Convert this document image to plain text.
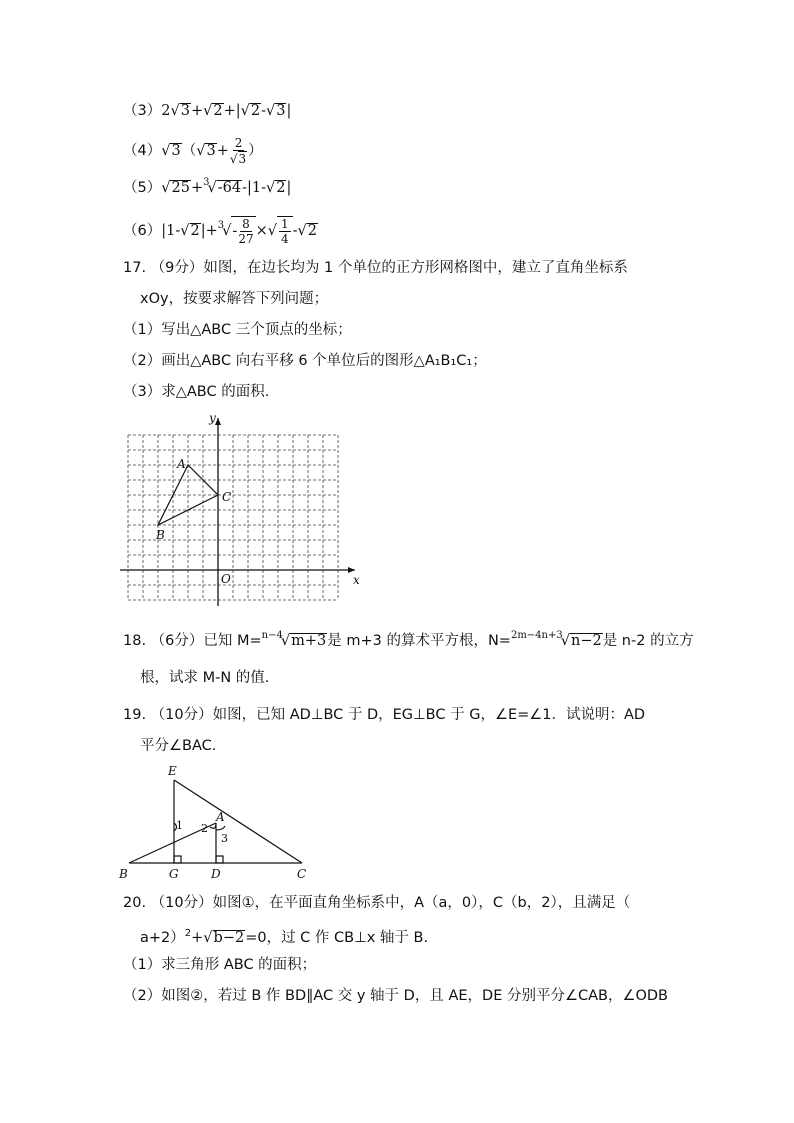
（3）2√3+√2+|√2-√3|
$(4)√3(√3+ \frac{2}{√3}$ ）
（5）√25+$^3$√-64-|1-√2|
$(6)|1-√2|+^3√- \frac{8}{27}$ ×√ $\frac{1}{4} -√2$
17. （9分）如图，在边长均为 1 个单位的正方形网格图中，建立了直角坐标系
xOy，按要求解答下列问题；
（1）写出△ABC 三个顶点的坐标；
（2）画出△ABC 向右平移 6 个单位后的图形△A₁B₁C₁；
（3）求△ABC 的面积.
A
B
C
O	x
y
18. （6分）已知 M=$^{n-4}$√m+3是 m+3 的算术平方根，N=$^{2m-4n+3}$√n−2是 n-2 的立方
根，试求 M-N 的值.
19. （10分）如图，已知 AD⊥BC 于 D，EG⊥BC 于 G，∠E=∠1．试说明：AD
平分∠BAC.
E
A
B	G	D	C
1 2
3
20. （10分）如图①，在平面直角坐标系中，A（a，0），C（b，2），且满足（
a+2）$^2$+√b−2=0，过 C 作 CB⊥x 轴于 B.
（1）求三角形 ABC 的面积；
（2）如图②，若过 B 作 BD∥AC 交 y 轴于 D，且 AE，DE 分别平分∠CAB，∠ODB
